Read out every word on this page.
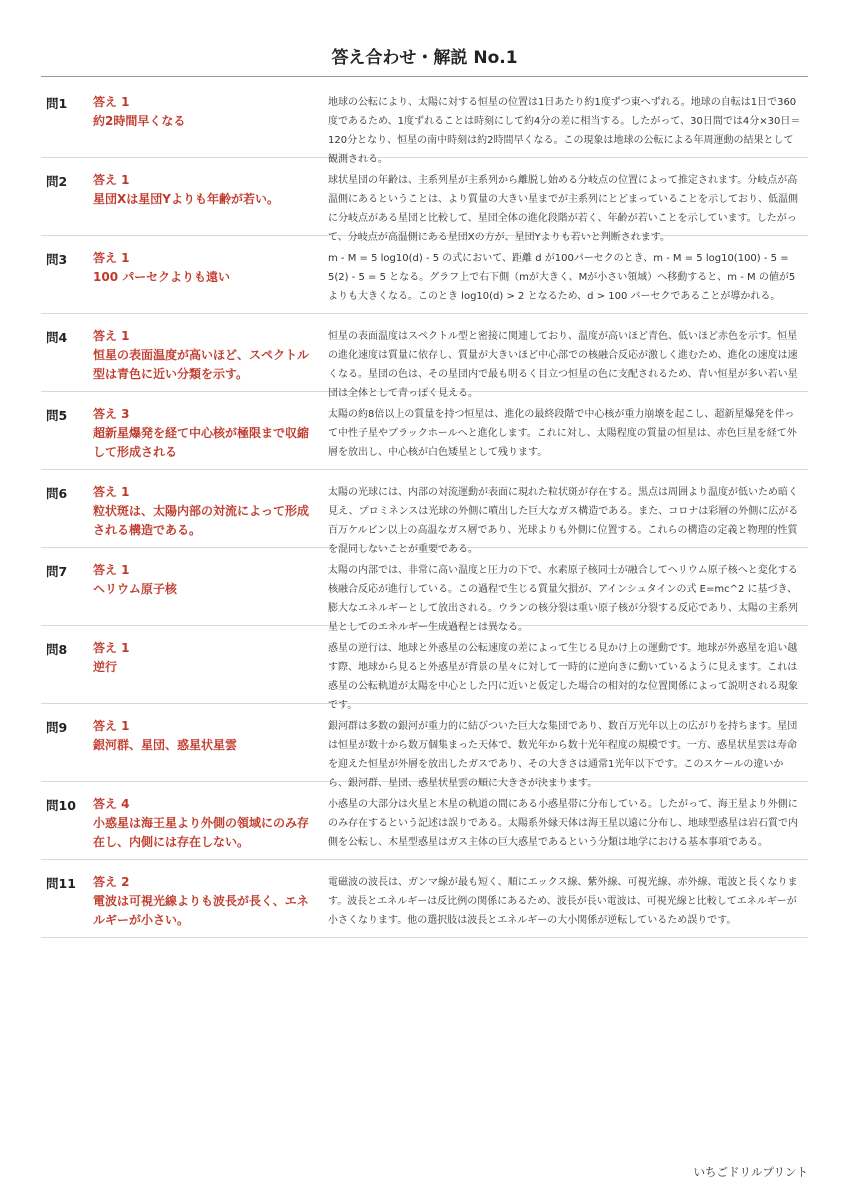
答え合わせ・解説 No.1
問1 答え 1
約2時間早くなる
地球の公転により、太陽に対する恒星の位置は1日あたり約1度ずつ東へずれる。地球の自転は1日で360度であるため、1度ずれることは時刻にして約4分の差に相当する。したがって、30日間では4分×30日＝120分となり、恒星の南中時刻は約2時間早くなる。この現象は地球の公転による年周運動の結果として観測される。
問2 答え 1
星団Xは星団Yよりも年齢が若い。
球状星団の年齢は、主系列星が主系列から離脱し始める分岐点の位置によって推定されます。分岐点が高温側にあるということは、より質量の大きい星までが主系列にとどまっていることを示しており、低温側に分岐点がある星団と比較して、星団全体の進化段階が若く、年齢が若いことを示しています。したがって、分岐点が高温側にある星団Xの方が、星団Yよりも若いと判断されます。
問3 答え 1
100 パーセクよりも遠い
m - M = 5 log10(d) - 5 の式において、距離 d が100パーセクのとき、m - M = 5 log10(100) - 5 = 5(2) - 5 = 5 となる。グラフ上で右下側（mが大きく、Mが小さい領域）へ移動すると、m - M の値が5よりも大きくなる。このとき log10(d) > 2 となるため、d > 100 パーセクであることが導かれる。
問4 答え 1
恒星の表面温度が高いほど、スペクトル型は青色に近い分類を示す。
恒星の表面温度はスペクトル型と密接に関連しており、温度が高いほど青色、低いほど赤色を示す。恒星の進化速度は質量に依存し、質量が大きいほど中心部での核融合反応が激しく進むため、進化の速度は速くなる。星団の色は、その星団内で最も明るく目立つ恒星の色に支配されるため、青い恒星が多い若い星団は全体として青っぽく見える。
問5 答え 3
超新星爆発を経て中心核が極限まで収縮して形成される
太陽の約8倍以上の質量を持つ恒星は、進化の最終段階で中心核が重力崩壊を起こし、超新星爆発を伴って中性子星やブラックホールへと進化します。これに対し、太陽程度の質量の恒星は、赤色巨星を経て外層を放出し、中心核が白色矮星として残ります。
問6 答え 1
粒状斑は、太陽内部の対流によって形成される構造である。
太陽の光球には、内部の対流運動が表面に現れた粒状斑が存在する。黒点は周囲より温度が低いため暗く見え、プロミネンスは光球の外側に噴出した巨大なガス構造である。また、コロナは彩層の外側に広がる百万ケルビン以上の高温なガス層であり、光球よりも外側に位置する。これらの構造の定義と物理的性質を混同しないことが重要である。
問7 答え 1
ヘリウム原子核
太陽の内部では、非常に高い温度と圧力の下で、水素原子核同士が融合してヘリウム原子核へと変化する核融合反応が進行している。この過程で生じる質量欠損が、アインシュタインの式 E=mc^2 に基づき、膨大なエネルギーとして放出される。ウランの核分裂は重い原子核が分裂する反応であり、太陽の主系列星としてのエネルギー生成過程とは異なる。
問8 答え 1
逆行
惑星の逆行は、地球と外惑星の公転速度の差によって生じる見かけ上の運動です。地球が外惑星を追い越す際、地球から見ると外惑星が背景の星々に対して一時的に逆向きに動いているように見えます。これは惑星の公転軌道が太陽を中心とした円に近いと仮定した場合の相対的な位置関係によって説明される現象です。
問9 答え 1
銀河群、星団、惑星状星雲
銀河群は多数の銀河が重力的に結びついた巨大な集団であり、数百万光年以上の広がりを持ちます。星団は恒星が数十から数万個集まった天体で、数光年から数十光年程度の規模です。一方、惑星状星雲は寿命を迎えた恒星が外層を放出したガスであり、その大きさは通常1光年以下です。このスケールの違いから、銀河群、星団、惑星状星雲の順に大きさが決まります。
問10 答え 4
小惑星は海王星より外側の領域にのみ存在し、内側には存在しない。
小惑星の大部分は火星と木星の軌道の間にある小惑星帯に分布している。したがって、海王星より外側にのみ存在するという記述は誤りである。太陽系外縁天体は海王星以遠に分布し、地球型惑星は岩石質で内側を公転し、木星型惑星はガス主体の巨大惑星であるという分類は地学における基本事項である。
問11 答え 2
電波は可視光線よりも波長が長く、エネルギーが小さい。
電磁波の波長は、ガンマ線が最も短く、順にエックス線、紫外線、可視光線、赤外線、電波と長くなります。波長とエネルギーは反比例の関係にあるため、波長が長い電波は、可視光線と比較してエネルギーが小さくなります。他の選択肢は波長とエネルギーの大小関係が逆転しているため誤りです。
いちごドリルプリント
